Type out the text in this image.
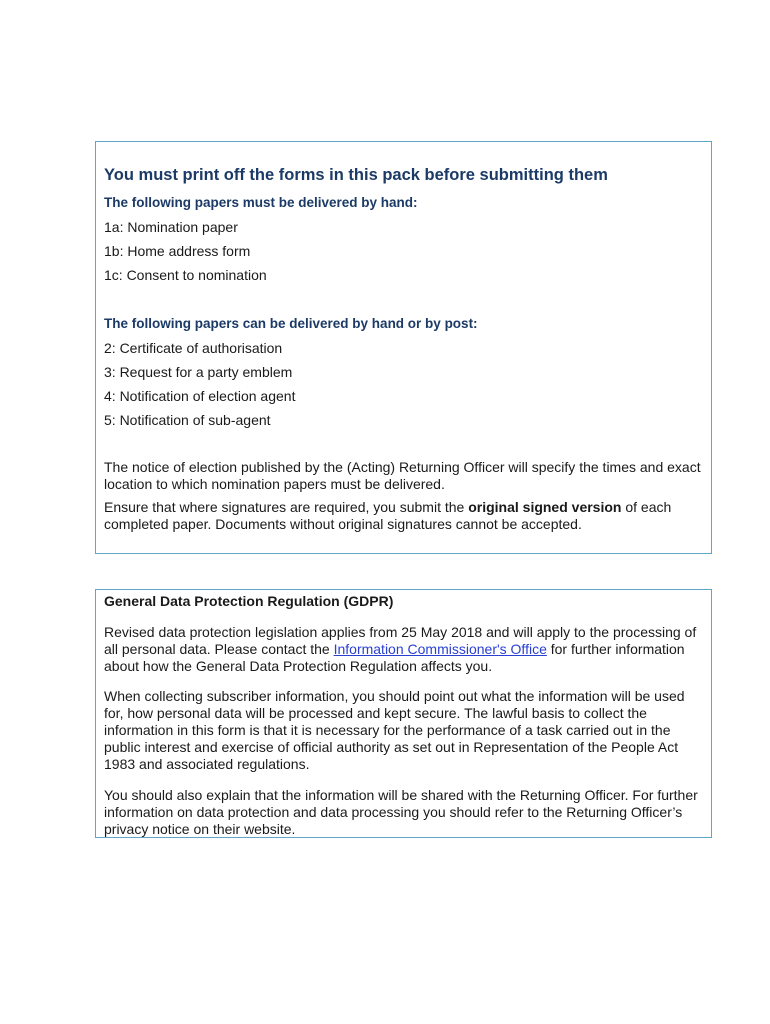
You must print off the forms in this pack before submitting them
The following papers must be delivered by hand:

1a: Nomination paper

1b: Home address form

1c: Consent to nomination

The following papers can be delivered by hand or by post:

2: Certificate of authorisation

3: Request for a party emblem

4: Notification of election agent

5: Notification of sub-agent

The notice of election published by the (Acting) Returning Officer will specify the times and exact location to which nomination papers must be delivered.

Ensure that where signatures are required, you submit the original signed version of each completed paper. Documents without original signatures cannot be accepted.

General Data Protection Regulation (GDPR)

Revised data protection legislation applies from 25 May 2018 and will apply to the processing of all personal data. Please contact the Information Commissioner's Office for further information about how the General Data Protection Regulation affects you.

When collecting subscriber information, you should point out what the information will be used for, how personal data will be processed and kept secure. The lawful basis to collect the information in this form is that it is necessary for the performance of a task carried out in the public interest and exercise of official authority as set out in Representation of the People Act 1983 and associated regulations.

You should also explain that the information will be shared with the Returning Officer. For further information on data protection and data processing you should refer to the Returning Officer’s privacy notice on their website.
